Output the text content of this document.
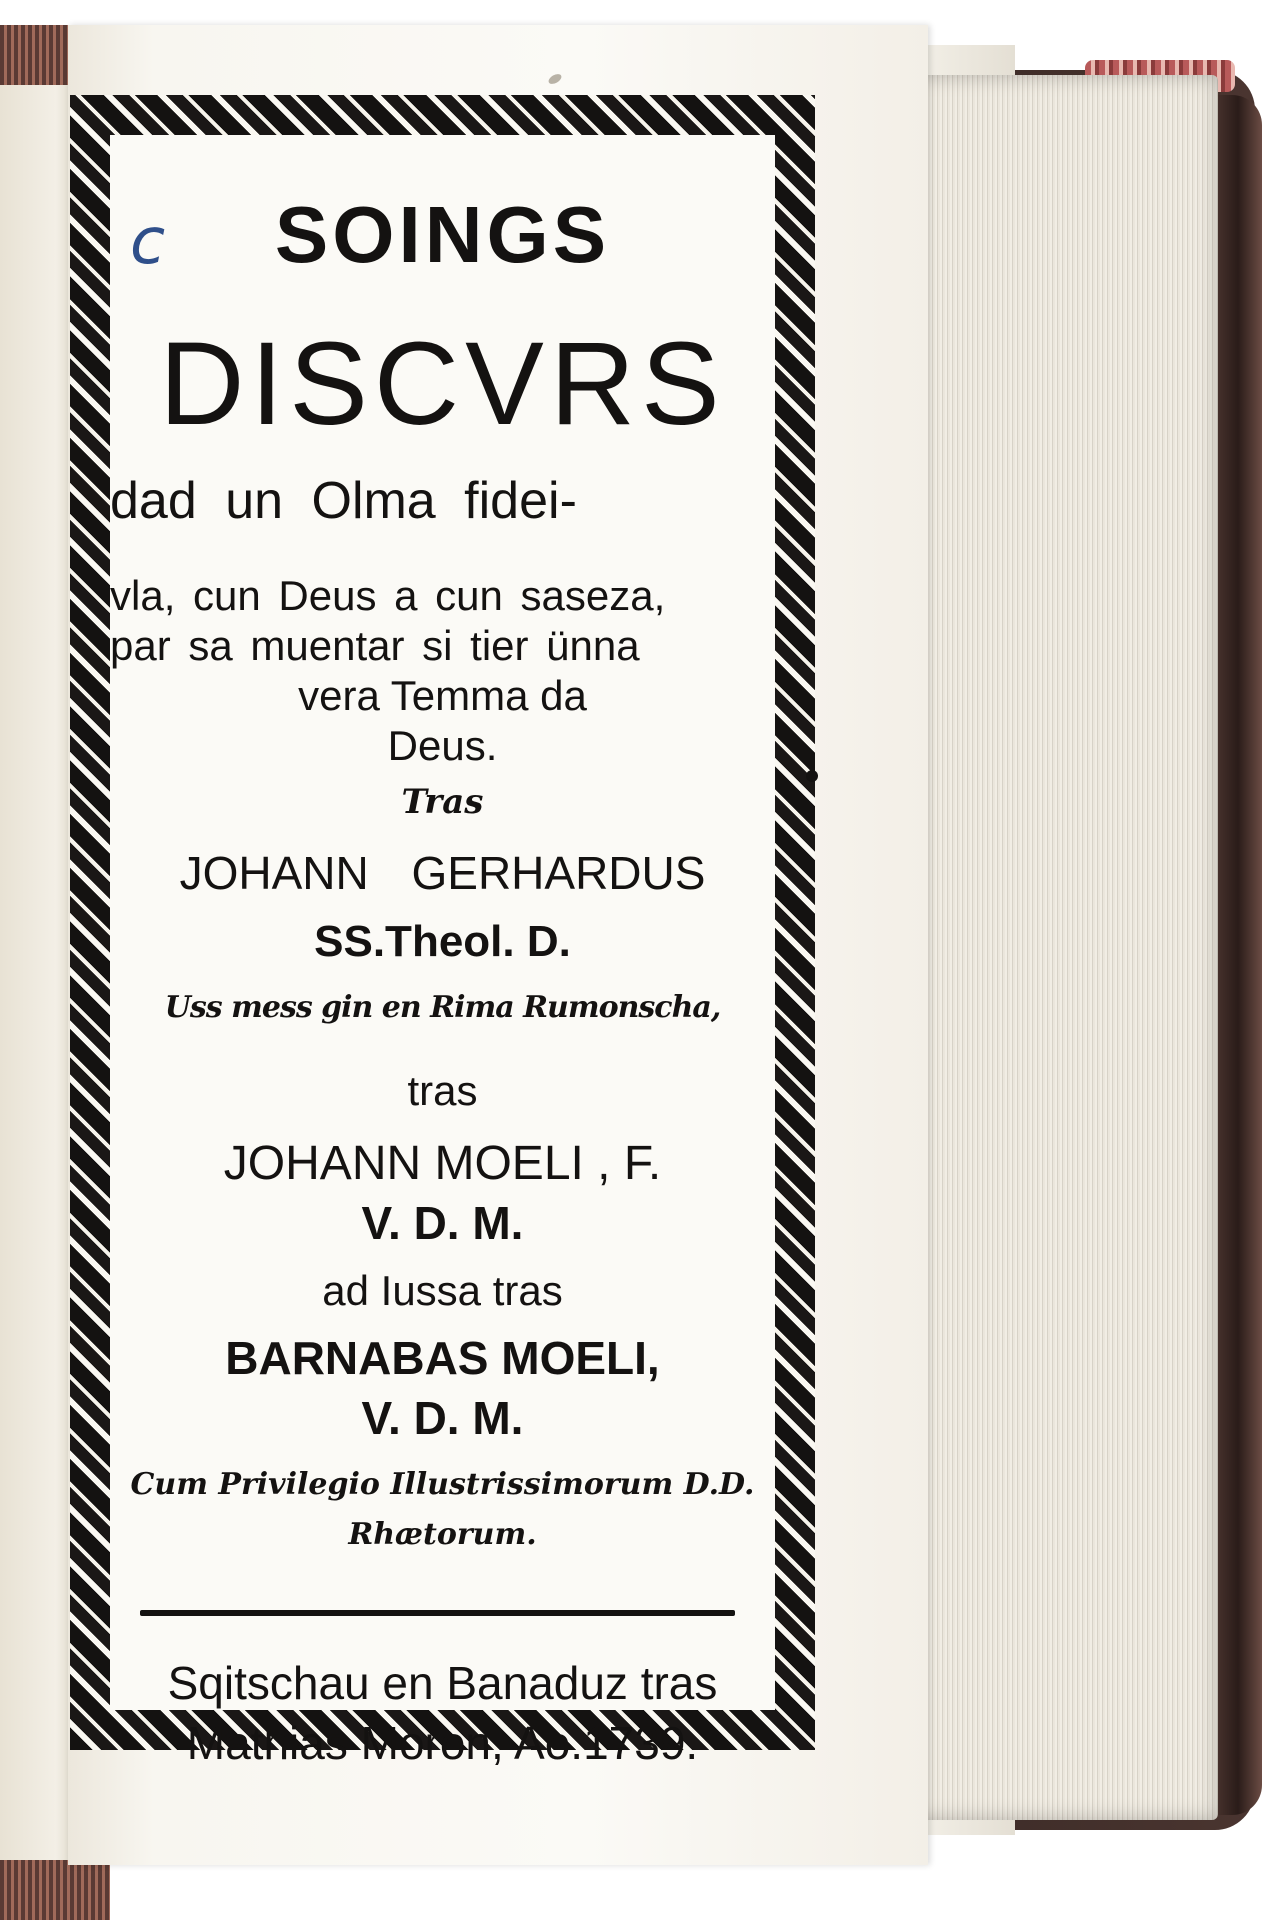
SOINGS
DISCVRS
dad un Olma fidei-
vla, cun Deus a cun saseza,
par sa muentar si tier ünna
vera Temma da
Deus.
Tras
JOHANN GERHARDUS
SS.Theol. D.
Uss mess gin en Rima Rumonscha,
tras
JOHANN MOELI , F.
V. D. M.
ad Iussa tras
BARNABAS MOELI,
V. D. M.
Cum Privilegio Illustrissimorum D.D.
Rhætorum.
Sqitschau en Banaduz tras
Mathias Moron, Ao.1739.
c
